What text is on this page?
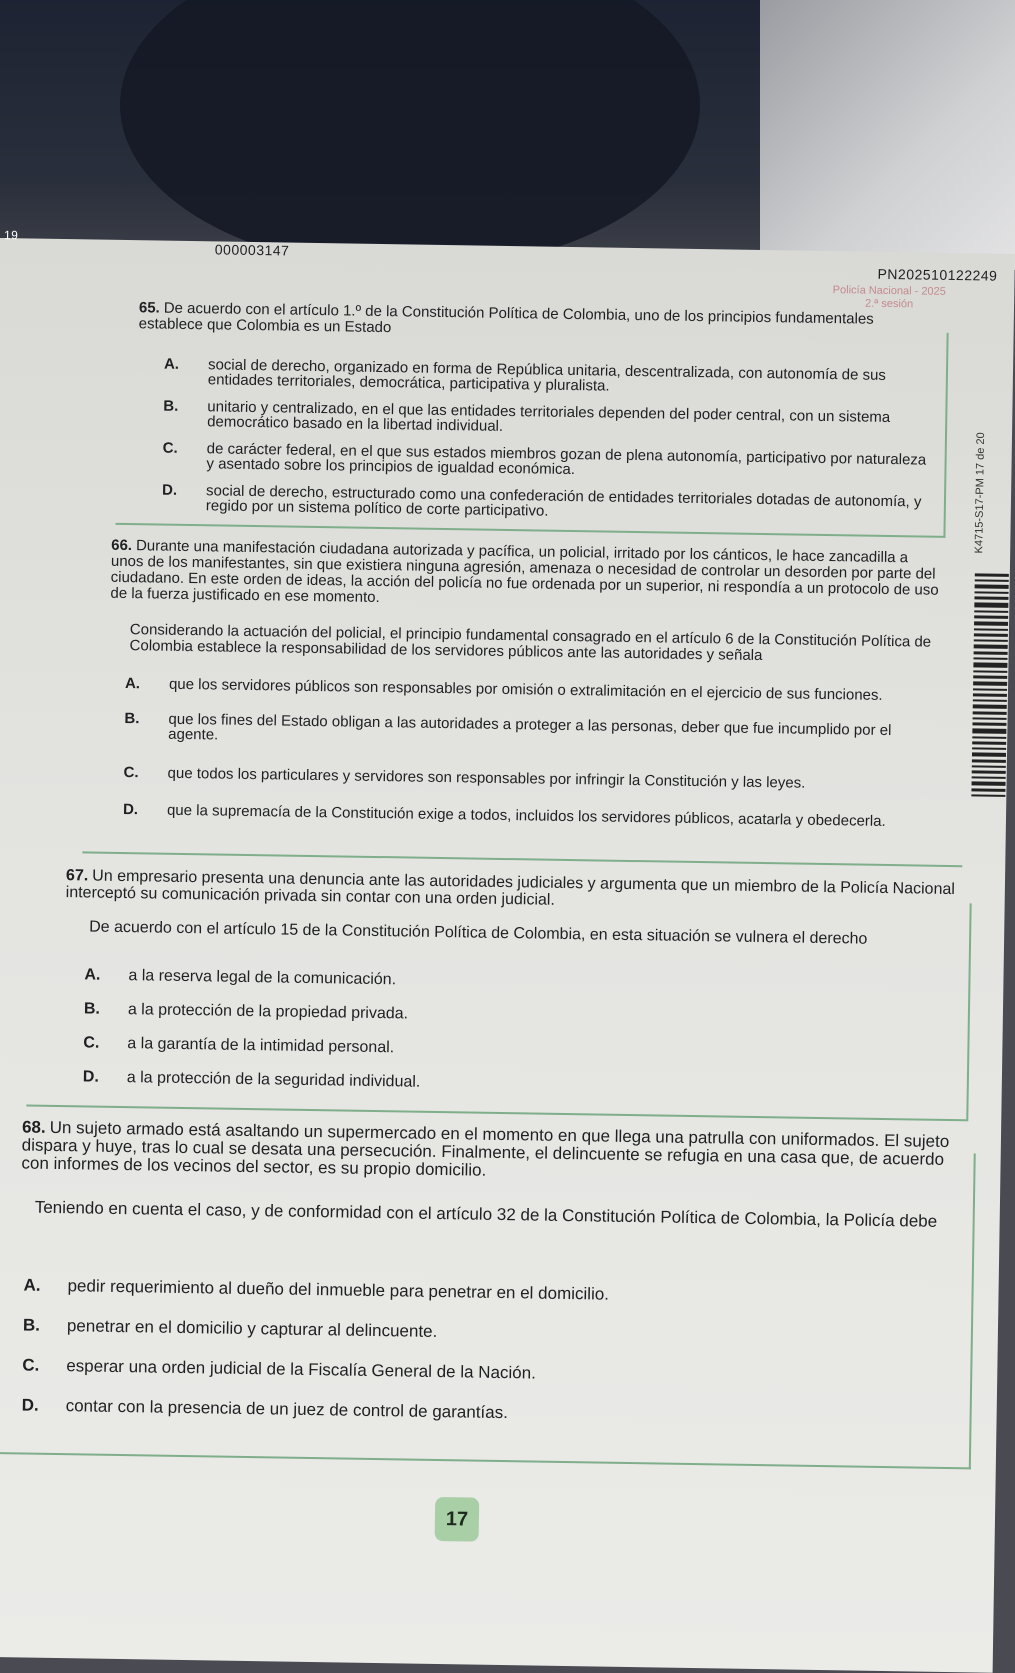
19
000003147
PN202510122249
Policía Nacional - 2025
2.ª sesión
K4715-S17-PM 17 de 20
65. De acuerdo con el artículo 1.º de la Constitución Política de Colombia, uno de los principios fundamentales establece que Colombia es un Estado
A.	social de derecho, organizado en forma de República unitaria, descentralizada, con autonomía de sus entidades territoriales, democrática, participativa y pluralista.
B.	unitario y centralizado, en el que las entidades territoriales dependen del poder central, con un sistema democrático basado en la libertad individual.
C.	de carácter federal, en el que sus estados miembros gozan de plena autonomía, participativo por naturaleza y asentado sobre los principios de igualdad económica.
D.	social de derecho, estructurado como una confederación de entidades territoriales dotadas de autonomía, y regido por un sistema político de corte participativo.
66. Durante una manifestación ciudadana autorizada y pacífica, un policial, irritado por los cánticos, le hace zancadilla a unos de los manifestantes, sin que existiera ninguna agresión, amenaza o necesidad de controlar un desorden por parte del ciudadano. En este orden de ideas, la acción del policía no fue ordenada por un superior, ni respondía a un protocolo de uso de la fuerza justificado en ese momento.
Considerando la actuación del policial, el principio fundamental consagrado en el artículo 6 de la Constitución Política de Colombia establece la responsabilidad de los servidores públicos ante las autoridades y señala
A.	que los servidores públicos son responsables por omisión o extralimitación en el ejercicio de sus funciones.
B.	que los fines del Estado obligan a las autoridades a proteger a las personas, deber que fue incumplido por el agente.
C.	que todos los particulares y servidores son responsables por infringir la Constitución y las leyes.
D.	que la supremacía de la Constitución exige a todos, incluidos los servidores públicos, acatarla y obedecerla.
67. Un empresario presenta una denuncia ante las autoridades judiciales y argumenta que un miembro de la Policía Nacional interceptó su comunicación privada sin contar con una orden judicial.
De acuerdo con el artículo 15 de la Constitución Política de Colombia, en esta situación se vulnera el derecho
A.	a la reserva legal de la comunicación.
B.	a la protección de la propiedad privada.
C.	a la garantía de la intimidad personal.
D.	a la protección de la seguridad individual.
68. Un sujeto armado está asaltando un supermercado en el momento en que llega una patrulla con uniformados. El sujeto dispara y huye, tras lo cual se desata una persecución. Finalmente, el delincuente se refugia en una casa que, de acuerdo con informes de los vecinos del sector, es su propio domicilio.
Teniendo en cuenta el caso, y de conformidad con el artículo 32 de la Constitución Política de Colombia, la Policía debe
A.	pedir requerimiento al dueño del inmueble para penetrar en el domicilio.
B.	penetrar en el domicilio y capturar al delincuente.
C.	esperar una orden judicial de la Fiscalía General de la Nación.
D.	contar con la presencia de un juez de control de garantías.
17
